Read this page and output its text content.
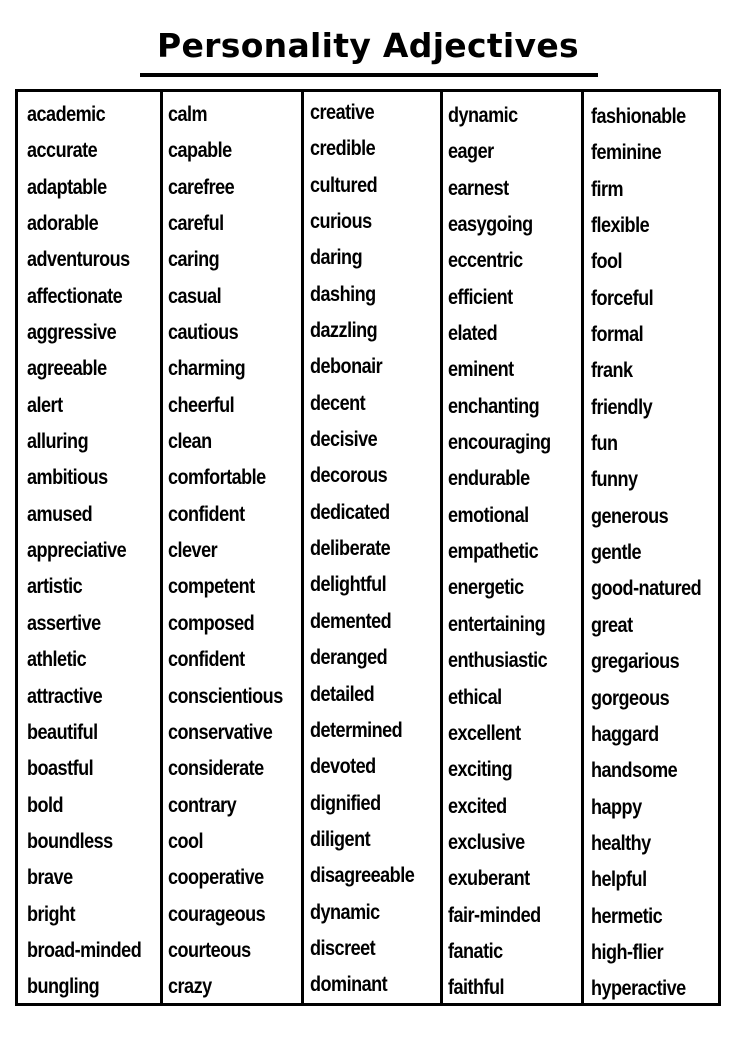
Personality Adjectives
academic
accurate
adaptable
adorable
adventurous
affectionate
aggressive
agreeable
alert
alluring
ambitious
amused
appreciative
artistic
assertive
athletic
attractive
beautiful
boastful
bold
boundless
brave
bright
broad-minded
bungling
calm
capable
carefree
careful
caring
casual
cautious
charming
cheerful
clean
comfortable
confident
clever
competent
composed
confident
conscientious
conservative
considerate
contrary
cool
cooperative
courageous
courteous
crazy
creative
credible
cultured
curious
daring
dashing
dazzling
debonair
decent
decisive
decorous
dedicated
deliberate
delightful
demented
deranged
detailed
determined
devoted
dignified
diligent
disagreeable
dynamic
discreet
dominant
dynamic
eager
earnest
easygoing
eccentric
efficient
elated
eminent
enchanting
encouraging
endurable
emotional
empathetic
energetic
entertaining
enthusiastic
ethical
excellent
exciting
excited
exclusive
exuberant
fair-minded
fanatic
faithful
fashionable
feminine
firm
flexible
fool
forceful
formal
frank
friendly
fun
funny
generous
gentle
good-natured
great
gregarious
gorgeous
haggard
handsome
happy
healthy
helpful
hermetic
high-flier
hyperactive
